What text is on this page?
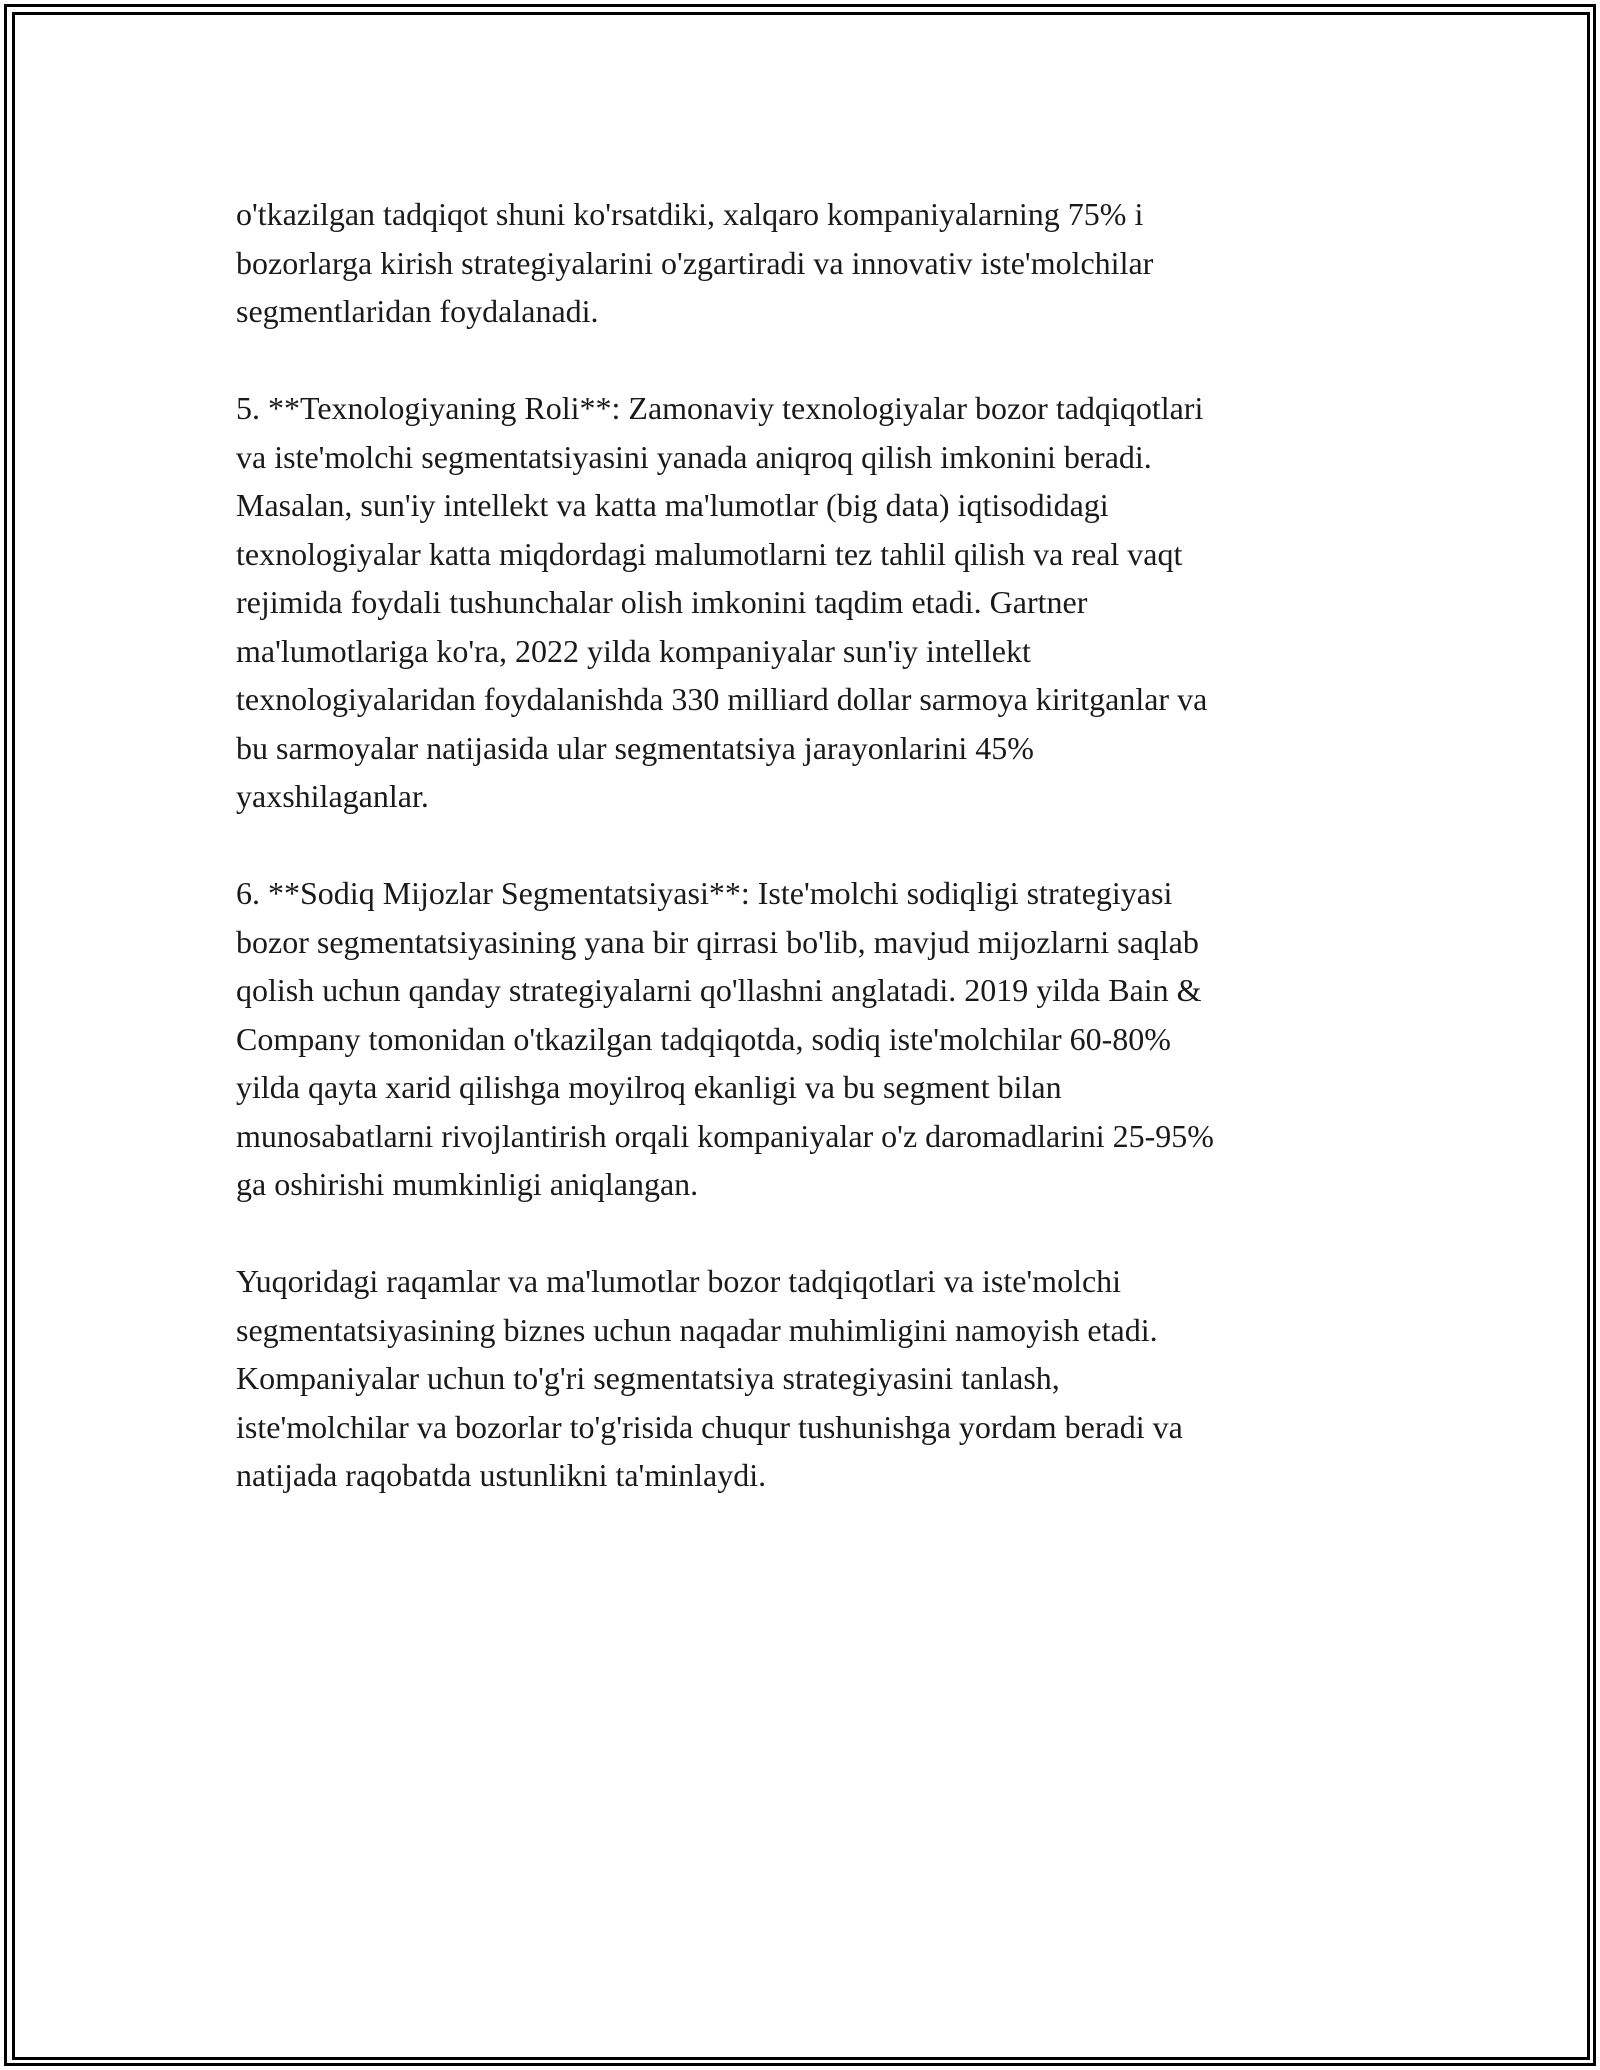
o'tkazilgan tadqiqot shuni ko'rsatdiki, xalqaro kompaniyalarning 75% i
bozorlarga kirish strategiyalarini o'zgartiradi va innovativ iste'molchilar
segmentlaridan foydalanadi.

5. **Texnologiyaning Roli**: Zamonaviy texnologiyalar bozor tadqiqotlari
va iste'molchi segmentatsiyasini yanada aniqroq qilish imkonini beradi.
Masalan, sun'iy intellekt va katta ma'lumotlar (big data) iqtisodidagi
texnologiyalar katta miqdordagi malumotlarni tez tahlil qilish va real vaqt
rejimida foydali tushunchalar olish imkonini taqdim etadi. Gartner
ma'lumotlariga ko'ra, 2022 yilda kompaniyalar sun'iy intellekt
texnologiyalaridan foydalanishda 330 milliard dollar sarmoya kiritganlar va
bu sarmoyalar natijasida ular segmentatsiya jarayonlarini 45%
yaxshilaganlar.

6. **Sodiq Mijozlar Segmentatsiyasi**: Iste'molchi sodiqligi strategiyasi
bozor segmentatsiyasining yana bir qirrasi bo'lib, mavjud mijozlarni saqlab
qolish uchun qanday strategiyalarni qo'llashni anglatadi. 2019 yilda Bain &
Company tomonidan o'tkazilgan tadqiqotda, sodiq iste'molchilar 60-80%
yilda qayta xarid qilishga moyilroq ekanligi va bu segment bilan
munosabatlarni rivojlantirish orqali kompaniyalar o'z daromadlarini 25-95%
ga oshirishi mumkinligi aniqlangan.

Yuqoridagi raqamlar va ma'lumotlar bozor tadqiqotlari va iste'molchi
segmentatsiyasining biznes uchun naqadar muhimligini namoyish etadi.
Kompaniyalar uchun to'g'ri segmentatsiya strategiyasini tanlash,
iste'molchilar va bozorlar to'g'risida chuqur tushunishga yordam beradi va
natijada raqobatda ustunlikni ta'minlaydi.
